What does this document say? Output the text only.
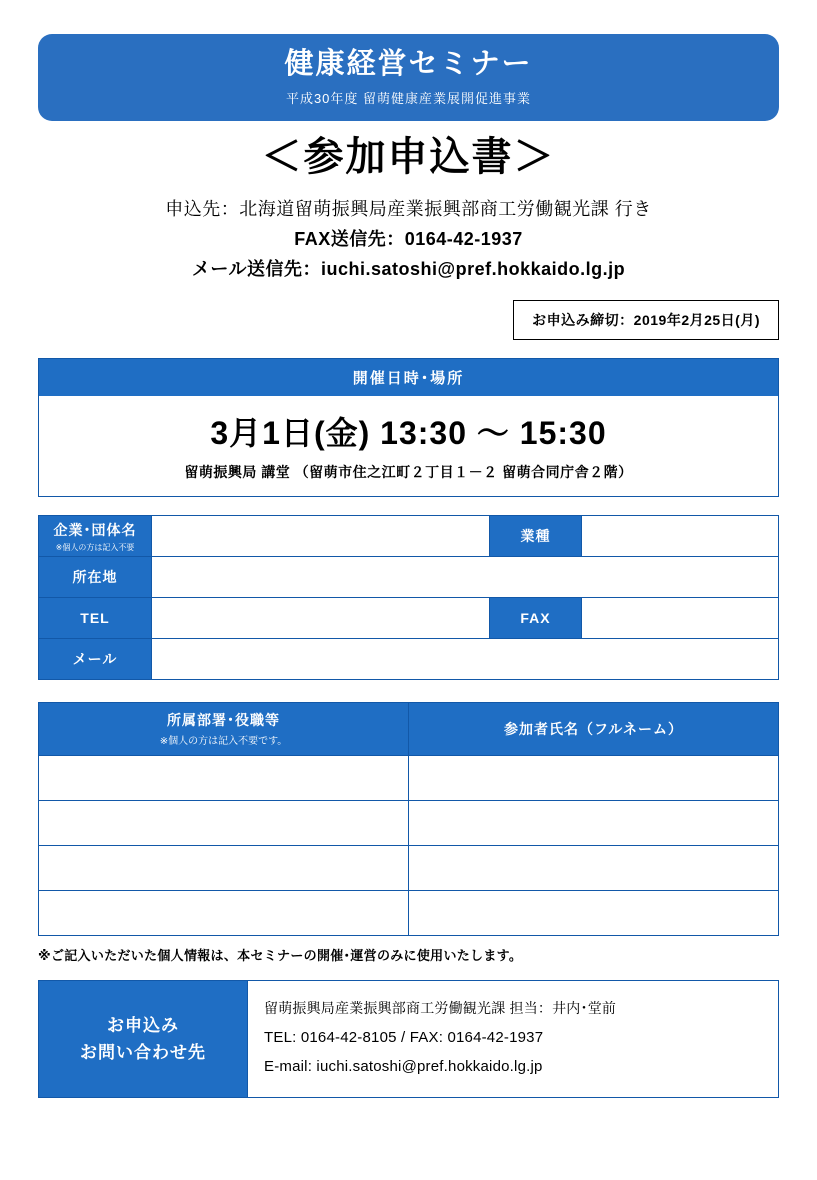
健康経営セミナー
平成30年度 留萌健康産業展開促進事業
＜参加申込書＞
申込先：北海道留萌振興局産業振興部商工労働観光課 行き
FAX送信先：0164-42-1937
メール送信先：iuchi.satoshi@pref.hokkaido.lg.jp
お申込み締切：2019年2月25日(月)
開催日時･場所
3月1日(金) 13:30 〜 15:30
留萌振興局 講堂 （留萌市住之江町２丁目１－２ 留萌合同庁舎２階）
企業･団体名
※個人の方は記入不要		業種	
所在地			
TEL		FAX	
メール			
所属部署･役職等
※個人の方は記入不要です。	参加者氏名（フルネーム）

※ご記入いただいた個人情報は、本セミナーの開催･運営のみに使用いたします。
お申込み
お問い合わせ先

留萌振興局産業振興部商工労働観光課 担当：井内･堂前
TEL: 0164-42-8105 / FAX: 0164-42-1937
E-mail: iuchi.satoshi@pref.hokkaido.lg.jp
